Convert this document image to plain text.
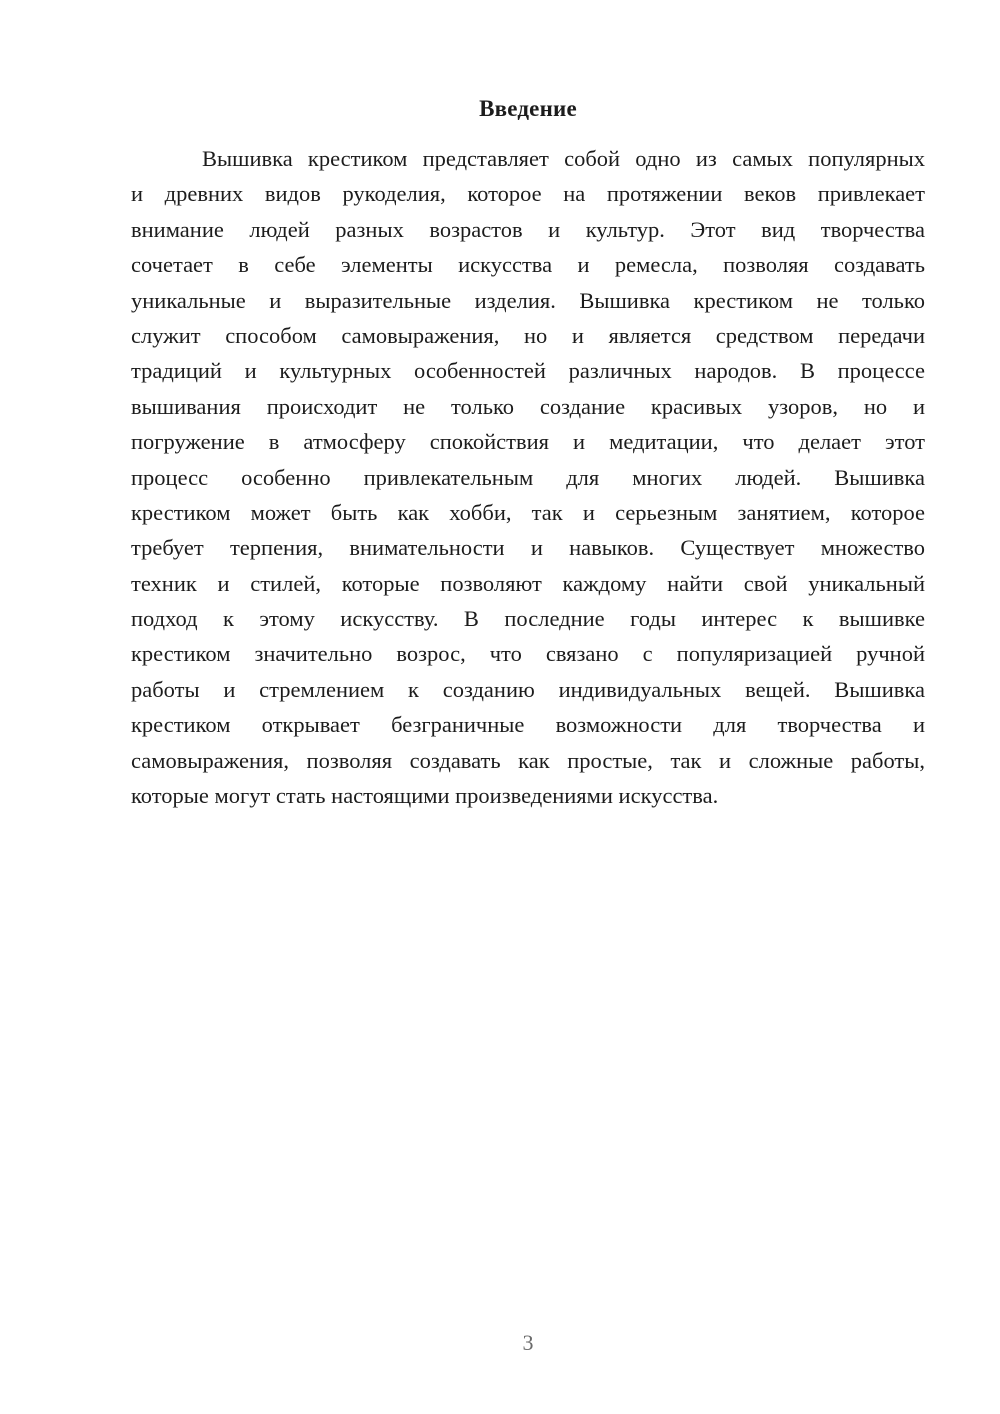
Введение
Вышивка крестиком представляет собой одно из самых популярных
и древних видов рукоделия, которое на протяжении веков привлекает
внимание людей разных возрастов и культур. Этот вид творчества
сочетает в себе элементы искусства и ремесла, позволяя создавать
уникальные и выразительные изделия. Вышивка крестиком не только
служит способом самовыражения, но и является средством передачи
традиций и культурных особенностей различных народов. В процессе
вышивания происходит не только создание красивых узоров, но и
погружение в атмосферу спокойствия и медитации, что делает этот
процесс особенно привлекательным для многих людей. Вышивка
крестиком может быть как хобби, так и серьезным занятием, которое
требует терпения, внимательности и навыков. Существует множество
техник и стилей, которые позволяют каждому найти свой уникальный
подход к этому искусству. В последние годы интерес к вышивке
крестиком значительно возрос, что связано с популяризацией ручной
работы и стремлением к созданию индивидуальных вещей. Вышивка
крестиком открывает безграничные возможности для творчества и
самовыражения, позволяя создавать как простые, так и сложные работы,
которые могут стать настоящими произведениями искусства.
3
